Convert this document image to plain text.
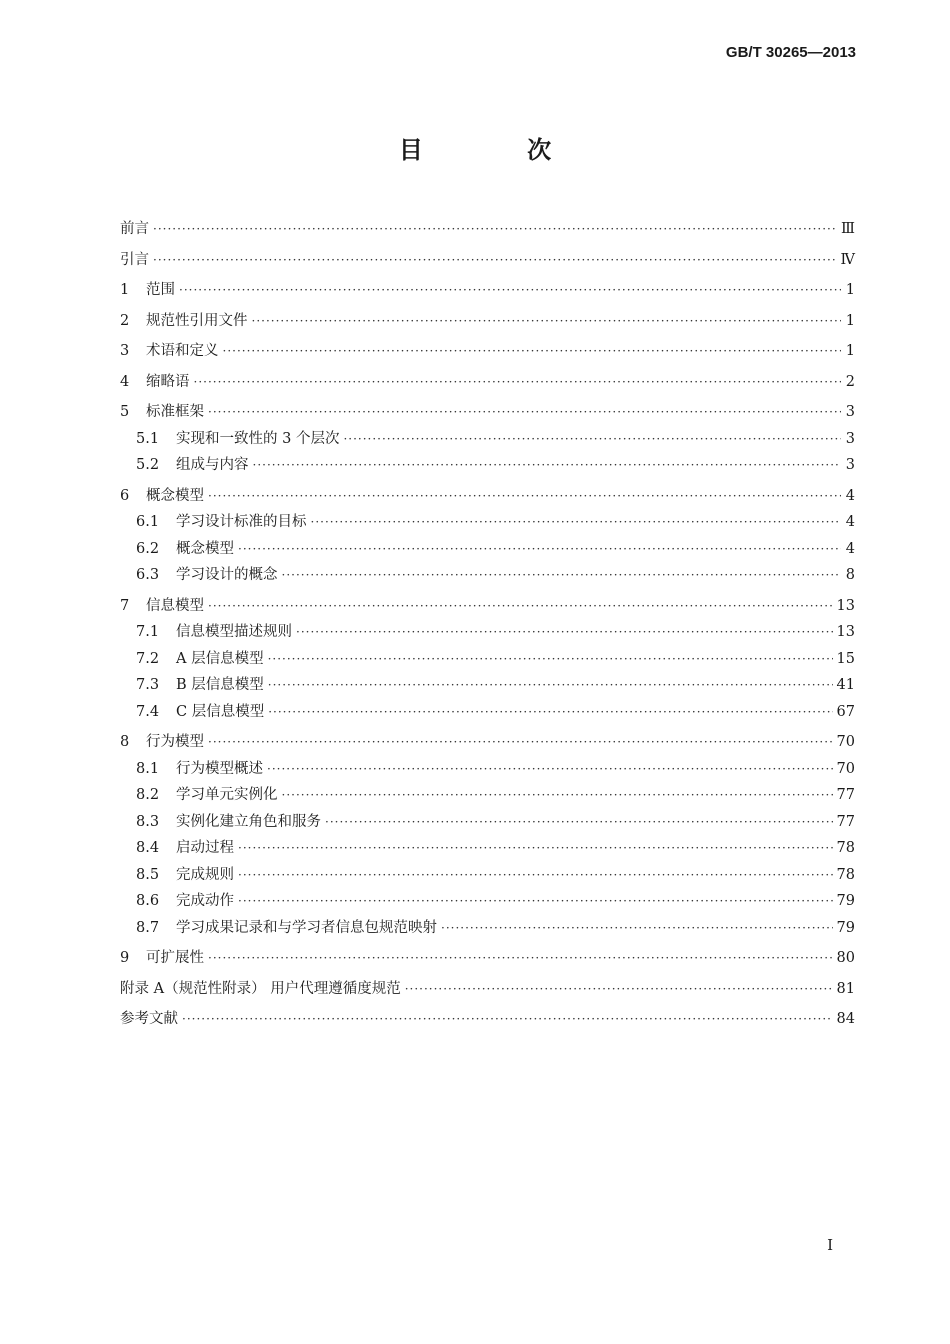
GB/T 30265—2013
目 次
前言 ·····	Ⅲ
引言 ·····	Ⅳ
1	范围 ·····	1
2	规范性引用文件 ·····	1
3	术语和定义 ·····	1
4	缩略语 ·····	2
5	标准框架 ·····	3
5.1	实现和一致性的 3 个层次 ·····	3
5.2	组成与内容 ·····	3
6	概念模型 ·····	4
6.1	学习设计标准的目标 ·····	4
6.2	概念模型 ·····	4
6.3	学习设计的概念 ·····	8
7	信息模型 ·····	13
7.1	信息模型描述规则 ·····	13
7.2	A 层信息模型 ·····	15
7.3	B 层信息模型 ·····	41
7.4	C 层信息模型 ·····	67
8	行为模型 ·····	70
8.1	行为模型概述 ·····	70
8.2	学习单元实例化 ·····	77
8.3	实例化建立角色和服务 ·····	77
8.4	启动过程 ·····	78
8.5	完成规则 ·····	78
8.6	完成动作 ·····	79
8.7	学习成果记录和与学习者信息包规范映射 ·····	79
9	可扩展性 ·····	80
附录 A（规范性附录） 用户代理遵循度规范 ·····	81
参考文献 ·····	84
I
